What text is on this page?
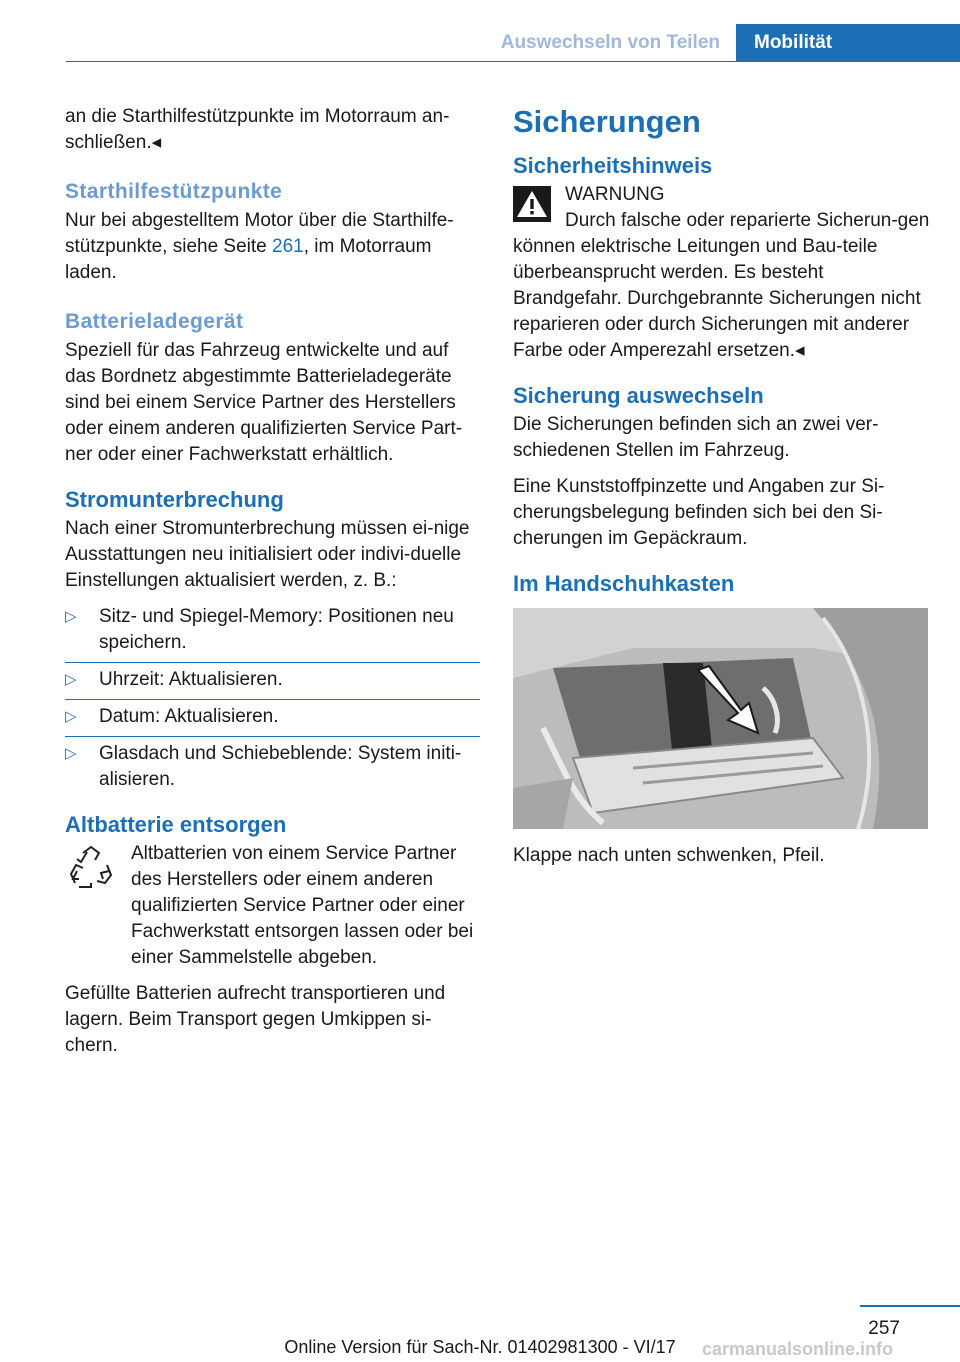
Auswechseln von Teilen	Mobilität

an die Starthilfestützpunkte im Motorraum an-schließen.◂

Starthilfestützpunkte

Nur bei abgestelltem Motor über die Starthilfe-stützpunkte, siehe Seite 261, im Motorraum laden.

Batterieladegerät

Speziell für das Fahrzeug entwickelte und auf das Bordnetz abgestimmte Batterieladegeräte sind bei einem Service Partner des Herstellers oder einem anderen qualifizierten Service Part-ner oder einer Fachwerkstatt erhältlich.

Stromunterbrechung

Nach einer Stromunterbrechung müssen ei-nige Ausstattungen neu initialisiert oder indivi-duelle Einstellungen aktualisiert werden, z. B.:

▷ Sitz- und Spiegel-Memory: Positionen neu speichern.
▷ Uhrzeit: Aktualisieren.
▷ Datum: Aktualisieren.
▷ Glasdach und Schiebeblende: System initi-alisieren.
Altbatterie entsorgen

Altbatterien von einem Service Partner des Herstellers oder einem anderen qualifizierten Service Partner oder einer Fachwerkstatt entsorgen lassen oder bei einer Sammelstelle abgeben.

Gefüllte Batterien aufrecht transportieren und lagern. Beim Transport gegen Umkippen si-chern.

Sicherungen
Sicherheitshinweis

WARNUNG

Durch falsche oder reparierte Sicherun-gen können elektrische Leitungen und Bau-teile überbeansprucht werden. Es besteht Brandgefahr. Durchgebrannte Sicherungen nicht reparieren oder durch Sicherungen mit anderer Farbe oder Amperezahl ersetzen.◂

Sicherung auswechseln

Die Sicherungen befinden sich an zwei ver-schiedenen Stellen im Fahrzeug.

Eine Kunststoffpinzette und Angaben zur Si-cherungsbelegung befinden sich bei den Si-cherungen im Gepäckraum.

Im Handschuhkasten

Klappe nach unten schwenken, Pfeil.

257
Online Version für Sach-Nr. 01402981300 - VI/17	carmanualsonline.info
